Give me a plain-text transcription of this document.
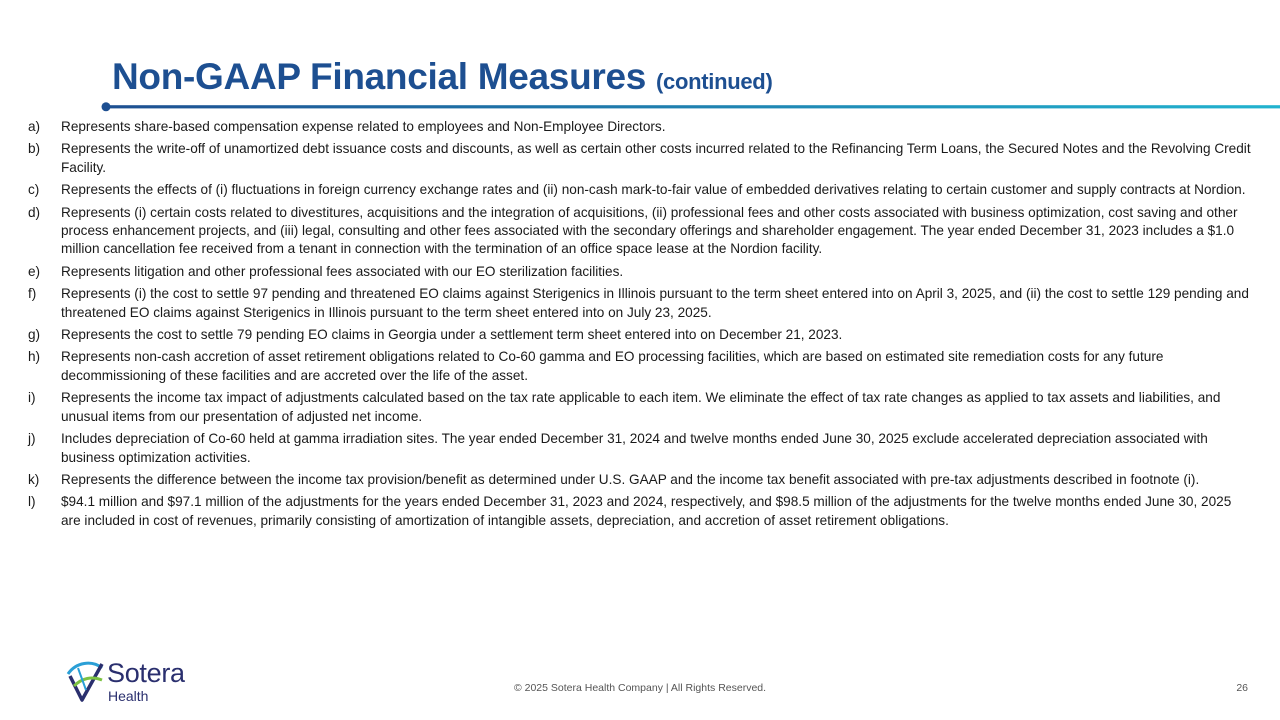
Non-GAAP Financial Measures (continued)
a)	Represents share-based compensation expense related to employees and Non-Employee Directors.
b)	Represents the write-off of unamortized debt issuance costs and discounts, as well as certain other costs incurred related to the Refinancing Term Loans, the Secured Notes and the Revolving Credit Facility.
c)	Represents the effects of (i) fluctuations in foreign currency exchange rates and (ii) non-cash mark-to-fair value of embedded derivatives relating to certain customer and supply contracts at Nordion.
d)	Represents (i) certain costs related to divestitures, acquisitions and the integration of acquisitions, (ii) professional fees and other costs associated with business optimization, cost saving and other process enhancement projects, and (iii) legal, consulting and other fees associated with the secondary offerings and shareholder engagement. The year ended December 31, 2023 includes a $1.0 million cancellation fee received from a tenant in connection with the termination of an office space lease at the Nordion facility.
e)	Represents litigation and other professional fees associated with our EO sterilization facilities.
f)	Represents (i) the cost to settle 97 pending and threatened EO claims against Sterigenics in Illinois pursuant to the term sheet entered into on April 3, 2025, and (ii) the cost to settle 129 pending and threatened EO claims against Sterigenics in Illinois pursuant to the term sheet entered into on July 23, 2025.
g)	Represents the cost to settle 79 pending EO claims in Georgia under a settlement term sheet entered into on December 21, 2023.
h)	Represents non-cash accretion of asset retirement obligations related to Co-60 gamma and EO processing facilities, which are based on estimated site remediation costs for any future decommissioning of these facilities and are accreted over the life of the asset.
i)	Represents the income tax impact of adjustments calculated based on the tax rate applicable to each item. We eliminate the effect of tax rate changes as applied to tax assets and liabilities, and unusual items from our presentation of adjusted net income.
j)	Includes depreciation of Co-60 held at gamma irradiation sites. The year ended December 31, 2024 and twelve months ended June 30, 2025 exclude accelerated depreciation associated with business optimization activities.
k)	Represents the difference between the income tax provision/benefit as determined under U.S. GAAP and the income tax benefit associated with pre-tax adjustments described in footnote (i).
l)	$94.1 million and $97.1 million of the adjustments for the years ended December 31, 2023 and 2024, respectively, and $98.5 million of the adjustments for the twelve months ended June 30, 2025 are included in cost of revenues, primarily consisting of amortization of intangible assets, depreciation, and accretion of asset retirement obligations.
Sotera
Health	© 2025 Sotera Health Company | All Rights Reserved.	26
